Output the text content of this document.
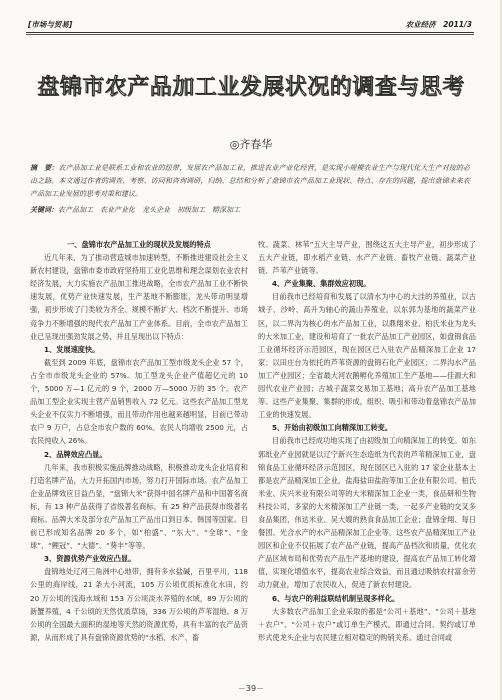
[市场与贸易]	农业经济　2011/3
盘锦市农产品加工业发展状况的调查与思考
◎齐春华
摘　要：农产品加工业是联系工业和农业的纽带，发展农产品加工业，推进农业产业化经营，是实现小规模农业生产与现代化大生产对接的必由之路。本文通过作者的调查、考察、访问和咨询调研，归纳、总结和分析了盘锦市农产品加工业现状、特点、存在的问题，提出盘锦未来农产品加工业发展的思考对策和建议。
关键词：农产品加工　农业产业化　龙头企业　初级加工　精深加工

一、盘锦市农产品加工业的现状及发展的特点

近几年来，为了推动营造城市加速转型，不断推进建设社会主义新农村建设，盘锦市委市政府坚持用工业化思维和理念谋划农业农村经济发展，大力实施农产品加工推进战略，全市农产品加工业不断快速发展，优势产业快速发展，生产基地不断膨胀，龙头带动明显增强，初步形成了门类较为齐全、规模不断扩大、档次不断提升、市场竞争力不断增强的现代农产品加工产业体系。目前，全市农产品加工业已呈现出强劲发展之势，并且呈现出以下特点：

1、发展速度快。

截至到 2009 年底，盘锦市农产品加工型市级龙头企业 57 个，占全市市级龙头企业的 57%。加工型龙头企业产值超亿元的 10 个，5000 万—1 亿元的 9 个，2000 万—5000 万的 35 个。农产品加工型企业实现主营产品销售收入 72 亿元。这些农产品加工型龙头企业不仅实力不断增强，而且带动作用也越来越明显，目前已带动农户 9 万户，占总全市农户数的 60%。农民人均增收 2500 元，占农民纯收入 26%。

2、品牌效应凸显。

几年来，我市积极实施品牌推动战略，积极推动龙头企业培育和打造名牌产品，大力开拓国内市场，努力打开国际市场。农产品加工企业品牌效应日益凸显，“盘锦大米”获得中国名牌产品和中国著名商标，有 13 种产品获得了省级著名商标，有 25 种产品获得市级著名商标。品牌大米及部分农产品加工产品出口到日本、韩国等国家。目前已形成知名品牌 20 多个，如“柏盛”、“东大”、“全球”、“金球”、“鲤冠”、“大德”、“葵丰”等等。

3、资源优势产业效应凸显。

盘锦地处辽河三角洲中心地带，拥有多水盐碱，百里平川，118 公里的海岸线，21 条大小河流，105 万公顷优质标准化水田，约 20 万公顷的浅海水域和 153 万公顷淡水养殖的水域，89 万公顷的新蟹养殖，4 千公顷的天然优质草场，336 万公顷的芦苇湿地。8 万公顷的全国最大面积的湿地等天然的资源优势，具有丰富的农产品资源，从而形成了具有盘锦资源优势的“水稻、水产、畜

牧、蔬菜、林苇”五大主导产业，围绕这五大主导产业，初步形成了五大产业链，即水稻产业链、水产产业链、畜牧产业链、蔬菜产业链、芦苇产业链等。

4、产业集聚、集群效应初现。

目前我市已经培育和发展了以清水为中心的大洼的养殖业，以古城子、沙岭、高升为轴心的蔬山养殖业，以东郭为基地的蔬菜产业区，以二界沟为核心的水产品加工业，以鼎翔米业、柏氏米业为龙头的大米加工业，建设和培育了一批农产品加工产业园区，如盘锦食品工业循环经济示范园区，现在园区已入驻农产品精深加工企业 17 家；以田庄台为依托的芦苇资源的盘锦石化产业园区；二界沟水产品加工产业园区；全省最大河农鹅孵化养殖加工生产基地——佳源大和园代农业产业园；古城子蔬菜交易加工基地；高升农产品加工基地等。这些产业集聚、集群的形成，组织、吸引和带动着盘锦农产品加工业的快速发展。

5、开始由初级加工向精深加工转变。

目前我市已经成功地实现了由初级加工向精深加工的转变。如东郭纸业产业园就是以辽宁新兴生态造纸为代表的芦苇精深加工业，盘锦食品工业循环经济示范园区，现在园区已入驻的 17 家企业基本上都是农产品精深加工企业，盐海盐田盐韵等加工企业有限公司、柏氏米业、庆兴米业有限公司等的大米精深加工企业一类，食品研和生物科技公司，多家的大米精深加工产业链一类，一起多产业链的交叉多食品集团，伟达米业、吴大嫂的熟食食品加工企业；盘锦金翔、每日餐团、光合水产的水产品精深加工企业等。这些农产品精深加工产业园区和企业不仅拓展了农产品产业链，提高产品档次和质量，优化农产品区域布局和优势农产品生产基地的建设，提高农产品加工转化增值，实现化增值水平，提高农业综合效益，而且通过吸纳农村富余劳动力就业，增加了农民收入，促进了新农村建设。

6、与农户的利益联结机制呈现多样化。

大多数农产品加工企业采取的都是“公司＋基地”、“公司＋基地＋农户”、“公司＋农户”或订单生产模式，即通过合同、契约或订单形式使龙头企业与农民建立相对稳定的购销关系。通过合同或

－39－
